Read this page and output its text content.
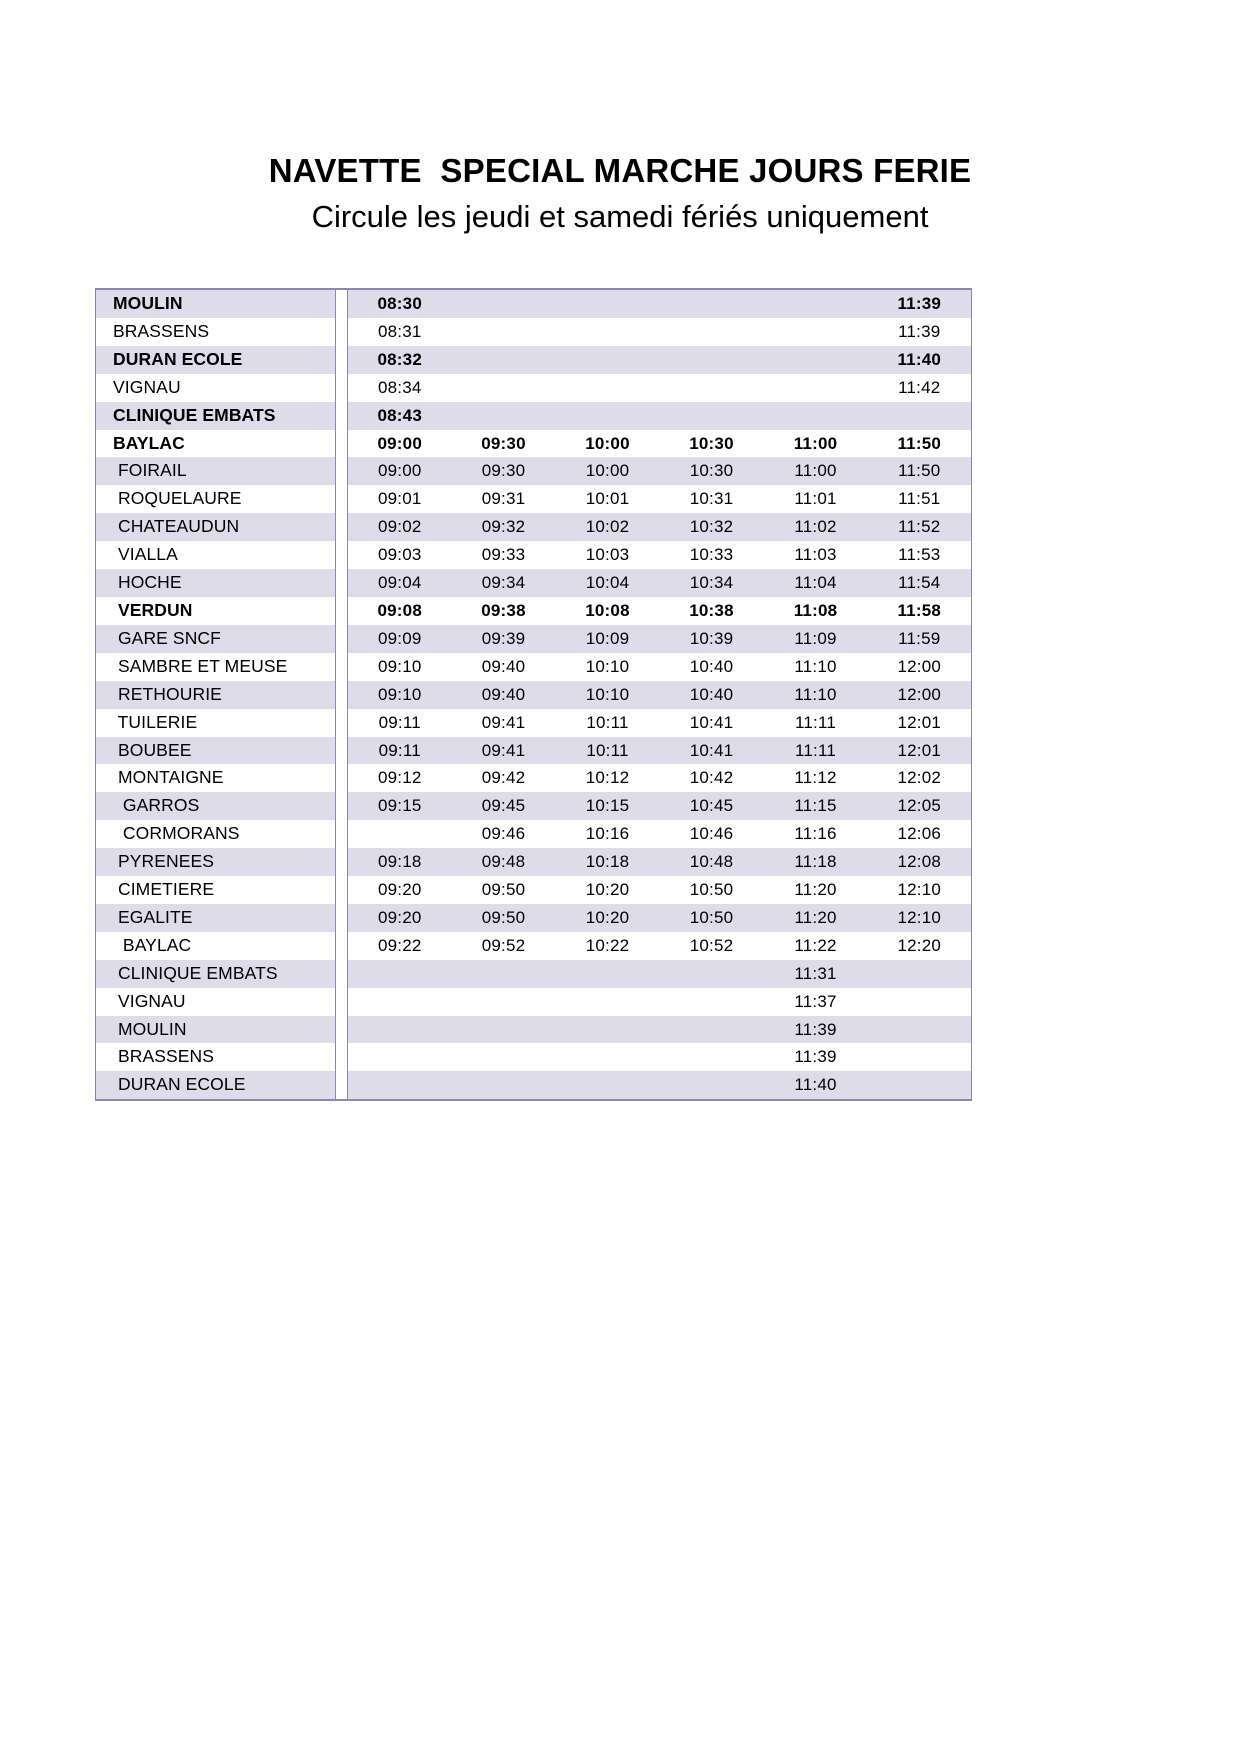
NAVETTE  SPECIAL MARCHE JOURS FERIE
Circule les jeudi et samedi fériés uniquement
MOULIN		08:30					11:39
BRASSENS		08:31					11:39
DURAN ECOLE		08:32					11:40
VIGNAU		08:34					11:42
CLINIQUE EMBATS		08:43					
BAYLAC		09:00	09:30	10:00	10:30	11:00	11:50
FOIRAIL		09:00	09:30	10:00	10:30	11:00	11:50
ROQUELAURE		09:01	09:31	10:01	10:31	11:01	11:51
CHATEAUDUN		09:02	09:32	10:02	10:32	11:02	11:52
VIALLA		09:03	09:33	10:03	10:33	11:03	11:53
HOCHE		09:04	09:34	10:04	10:34	11:04	11:54
VERDUN		09:08	09:38	10:08	10:38	11:08	11:58
GARE SNCF		09:09	09:39	10:09	10:39	11:09	11:59
SAMBRE ET MEUSE		09:10	09:40	10:10	10:40	11:10	12:00
RETHOURIE		09:10	09:40	10:10	10:40	11:10	12:00
TUILERIE		09:11	09:41	10:11	10:41	11:11	12:01
BOUBEE		09:11	09:41	10:11	10:41	11:11	12:01
MONTAIGNE		09:12	09:42	10:12	10:42	11:12	12:02
GARROS		09:15	09:45	10:15	10:45	11:15	12:05
CORMORANS			09:46	10:16	10:46	11:16	12:06
PYRENEES		09:18	09:48	10:18	10:48	11:18	12:08
CIMETIERE		09:20	09:50	10:20	10:50	11:20	12:10
EGALITE		09:20	09:50	10:20	10:50	11:20	12:10
BAYLAC		09:22	09:52	10:22	10:52	11:22	12:20
CLINIQUE EMBATS						11:31	
VIGNAU						11:37	
MOULIN						11:39	
BRASSENS						11:39	
DURAN ECOLE						11:40	
